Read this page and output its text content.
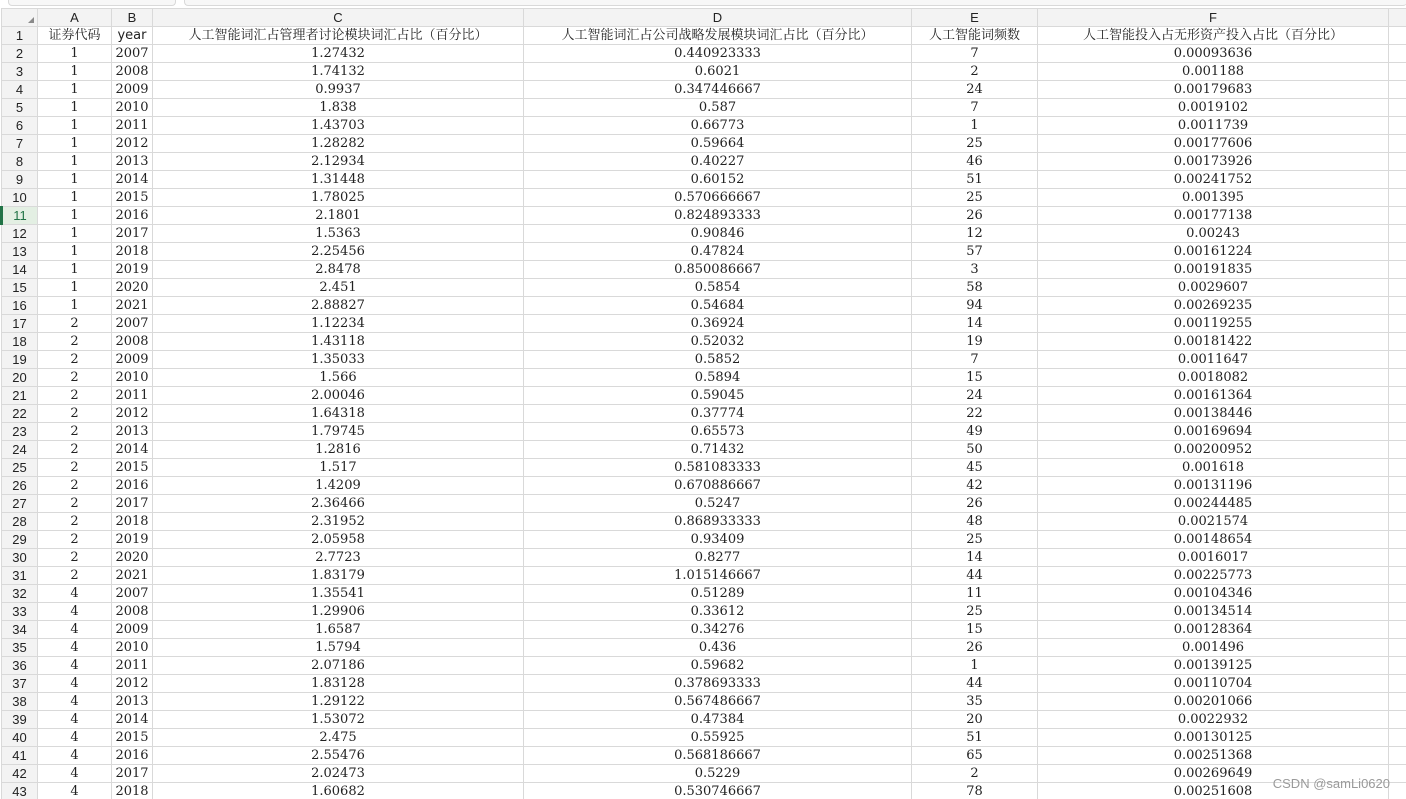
	A	B	C	D	E	F	
1	证券代码	year	人工智能词汇占管理者讨论模块词汇占比（百分比）	人工智能词汇占公司战略发展模块词汇占比（百分比）	人工智能词频数	人工智能投入占无形资产投入占比（百分比）	
2	1	2007	1.27432	0.440923333	7	0.00093636	
3	1	2008	1.74132	0.6021	2	0.001188	
4	1	2009	0.9937	0.347446667	24	0.00179683	
5	1	2010	1.838	0.587	7	0.0019102	
6	1	2011	1.43703	0.66773	1	0.0011739	
7	1	2012	1.28282	0.59664	25	0.00177606	
8	1	2013	2.12934	0.40227	46	0.00173926	
9	1	2014	1.31448	0.60152	51	0.00241752	
10	1	2015	1.78025	0.570666667	25	0.001395	
11	1	2016	2.1801	0.824893333	26	0.00177138	
12	1	2017	1.5363	0.90846	12	0.00243	
13	1	2018	2.25456	0.47824	57	0.00161224	
14	1	2019	2.8478	0.850086667	3	0.00191835	
15	1	2020	2.451	0.5854	58	0.0029607	
16	1	2021	2.88827	0.54684	94	0.00269235	
17	2	2007	1.12234	0.36924	14	0.00119255	
18	2	2008	1.43118	0.52032	19	0.00181422	
19	2	2009	1.35033	0.5852	7	0.0011647	
20	2	2010	1.566	0.5894	15	0.0018082	
21	2	2011	2.00046	0.59045	24	0.00161364	
22	2	2012	1.64318	0.37774	22	0.00138446	
23	2	2013	1.79745	0.65573	49	0.00169694	
24	2	2014	1.2816	0.71432	50	0.00200952	
25	2	2015	1.517	0.581083333	45	0.001618	
26	2	2016	1.4209	0.670886667	42	0.00131196	
27	2	2017	2.36466	0.5247	26	0.00244485	
28	2	2018	2.31952	0.868933333	48	0.0021574	
29	2	2019	2.05958	0.93409	25	0.00148654	
30	2	2020	2.7723	0.8277	14	0.0016017	
31	2	2021	1.83179	1.015146667	44	0.00225773	
32	4	2007	1.35541	0.51289	11	0.00104346	
33	4	2008	1.29906	0.33612	25	0.00134514	
34	4	2009	1.6587	0.34276	15	0.00128364	
35	4	2010	1.5794	0.436	26	0.001496	
36	4	2011	2.07186	0.59682	1	0.00139125	
37	4	2012	1.83128	0.378693333	44	0.00110704	
38	4	2013	1.29122	0.567486667	35	0.00201066	
39	4	2014	1.53072	0.47384	20	0.0022932	
40	4	2015	2.475	0.55925	51	0.00130125	
41	4	2016	2.55476	0.568186667	65	0.00251368	
42	4	2017	2.02473	0.5229	2	0.00269649	
43	4	2018	1.60682	0.530746667	78	0.00251608	
CSDN @samLi0620
